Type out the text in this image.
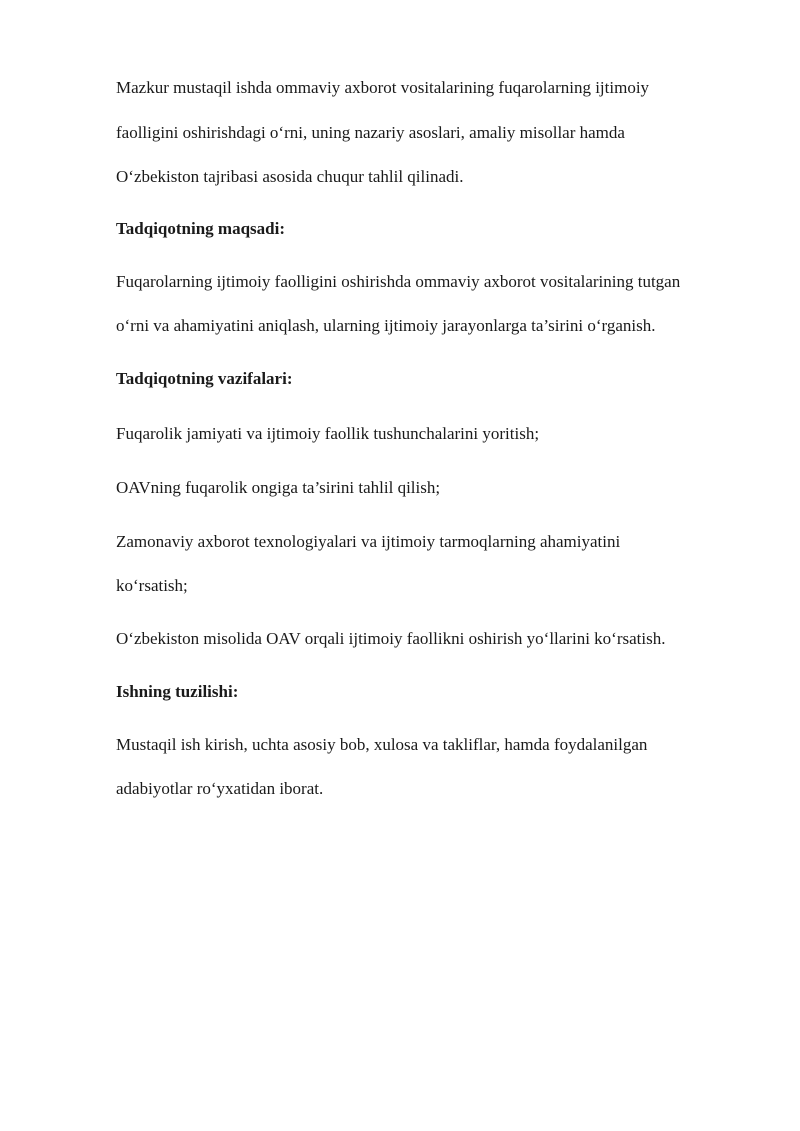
Mazkur mustaqil ishda ommaviy axborot vositalarining fuqarolarning ijtimoiy
faolligini oshirishdagi o‘rni, uning nazariy asoslari, amaliy misollar hamda
O‘zbekiston tajribasi asosida chuqur tahlil qilinadi.
Tadqiqotning maqsadi:
Fuqarolarning ijtimoiy faolligini oshirishda ommaviy axborot vositalarining tutgan
o‘rni va ahamiyatini aniqlash, ularning ijtimoiy jarayonlarga ta’sirini o‘rganish.
Tadqiqotning vazifalari:
Fuqarolik jamiyati va ijtimoiy faollik tushunchalarini yoritish;
OAVning fuqarolik ongiga ta’sirini tahlil qilish;
Zamonaviy axborot texnologiyalari va ijtimoiy tarmoqlarning ahamiyatini
ko‘rsatish;
O‘zbekiston misolida OAV orqali ijtimoiy faollikni oshirish yo‘llarini ko‘rsatish.
Ishning tuzilishi:
Mustaqil ish kirish, uchta asosiy bob, xulosa va takliflar, hamda foydalanilgan
adabiyotlar ro‘yxatidan iborat.
